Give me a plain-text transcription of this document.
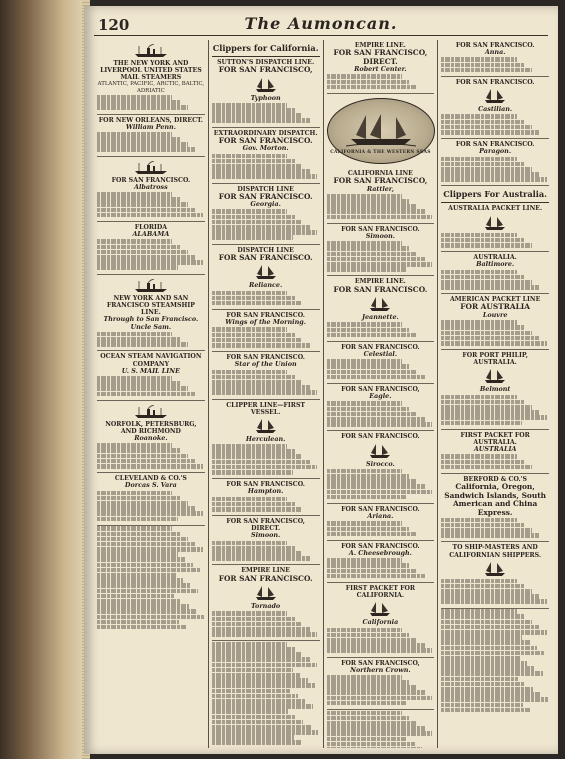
120	The Aumoncan.
THE NEW YORK AND LIVERPOOL UNITED STATES MAIL STEAMERS
ATLANTIC, PACIFIC, ARCTIC, BALTIC, ADRIATIC
FOR NEW ORLEANS, DIRECT.
William Penn.
FOR SAN FRANCISCO.
Albatross
FLORIDA
ALABAMA
NEW YORK AND SAN FRANCISCO STEAMSHIP LINE.
Through to San Francisco.
Uncle Sam.
OCEAN STEAM NAVIGATION COMPANY
U. S. MAIL LINE
NORFOLK, PETERSBURG, AND RICHMOND
Roanoke.
CLEVELAND & CO.'S
Dorcas S. Vara
Clippers for California.
SUTTON'S DISPATCH LINE.
FOR SAN FRANCISCO,
Typhoon
EXTRAORDINARY DISPATCH.
FOR SAN FRANCISCO.
Gov. Morton.
DISPATCH LINE
FOR SAN FRANCISCO.
Georgia.
DISPATCH LINE
FOR SAN FRANCISCO.
Reliance.
FOR SAN FRANCISCO.
Wings of the Morning.
FOR SAN FRANCISCO.
Star of the Union
CLIPPER LINE—FIRST VESSEL.
Herculean.
FOR SAN FRANCISCO.
Hampton.
FOR SAN FRANCISCO, DIRECT.
Simoon.
EMPIRE LINE
FOR SAN FRANCISCO.
Tornado
EMPIRE LINE.
FOR SAN FRANCISCO, DIRECT.
Robert Center.
CALIFORNIA & THE WESTERN SEAS
CALIFORNIA LINE
FOR SAN FRANCISCO,
Rattler,
FOR SAN FRANCISCO.
Simoon.
EMPIRE LINE.
FOR SAN FRANCISCO.
Jeannette.
FOR SAN FRANCISCO.
Celestial.
FOR SAN FRANCISCO,
Eagle.
FOR SAN FRANCISCO.
Sirocco.
FOR SAN FRANCISCO.
Ariana.
FOR SAN FRANCISCO.
A. Cheesebrough.
FIRST PACKET FOR CALIFORNIA.
California
FOR SAN FRANCISCO,
Northern Crown.
FOR SAN FRANCISCO.
Anna.
FOR SAN FRANCISCO.
Castilian.
FOR SAN FRANCISCO.
Paragon.
Clippers For Australia.
AUSTRALIA PACKET LINE.
AUSTRALIA.
Baltimore.
AMERICAN PACKET LINE
FOR AUSTRALIA
Louvre
FOR PORT PHILIP, AUSTRALIA.
Belmont
FIRST PACKET FOR AUSTRALIA.
AUSTRALIA
BERFORD & CO.'S
California, Oregon, Sandwich Islands, South American and China Express.
TO SHIP-MASTERS AND CALIFORNIAN SHIPPERS.
